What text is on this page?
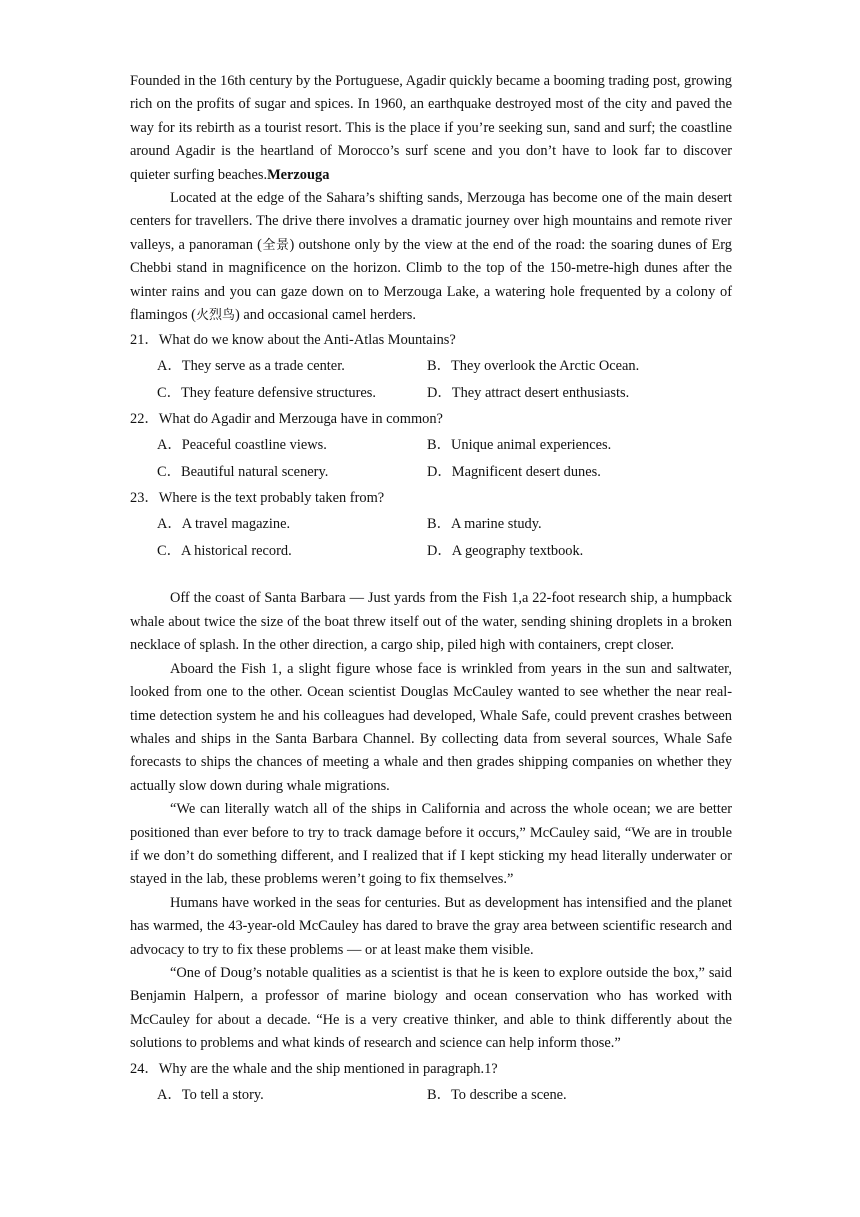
Founded in the 16th century by the Portuguese, Agadir quickly became a booming trading post, growing rich on the profits of sugar and spices. In 1960, an earthquake destroyed most of the city and paved the way for its rebirth as a tourist resort. This is the place if you’re seeking sun, sand and surf; the coastline around Agadir is the heartland of Morocco’s surf scene and you don’t have to look far to discover quieter surfing beaches.Merzouga

Located at the edge of the Sahara’s shifting sands, Merzouga has become one of the main desert centers for travellers. The drive there involves a dramatic journey over high mountains and remote river valleys, a panoraman (全景) outshone only by the view at the end of the road: the soaring dunes of Erg Chebbi stand in magnificence on the horizon. Climb to the top of the 150-metre-high dunes after the winter rains and you can gaze down on to Merzouga Lake, a watering hole frequented by a colony of flamingos (火烈鸟) and occasional camel herders.

21． What do we know about the Anti-Atlas Mountains?
A．They serve as a trade center.	B．They overlook the Arctic Ocean.
C．They feature defensive structures.	D．They attract desert enthusiasts.
22． What do Agadir and Merzouga have in common?
A．Peaceful coastline views.	B．Unique animal experiences.
C．Beautiful natural scenery.	D．Magnificent desert dunes.
23． Where is the text probably taken from?
A．A travel magazine.	B．A marine study.
C．A historical record.	D．A geography textbook.

Off the coast of Santa Barbara — Just yards from the Fish 1,a 22-foot research ship, a humpback whale about twice the size of the boat threw itself out of the water, sending shining droplets in a broken necklace of splash. In the other direction, a cargo ship, piled high with containers, crept closer.

Aboard the Fish 1, a slight figure whose face is wrinkled from years in the sun and saltwater, looked from one to the other. Ocean scientist Douglas McCauley wanted to see whether the near real-time detection system he and his colleagues had developed, Whale Safe, could prevent crashes between whales and ships in the Santa Barbara Channel. By collecting data from several sources, Whale Safe forecasts to ships the chances of meeting a whale and then grades shipping companies on whether they actually slow down during whale migrations.

“We can literally watch all of the ships in California and across the whole ocean; we are better positioned than ever before to try to track damage before it occurs,” McCauley said, “We are in trouble if we don’t do something different, and I realized that if I kept sticking my head literally underwater or stayed in the lab, these problems weren’t going to fix themselves.”

Humans have worked in the seas for centuries. But as development has intensified and the planet has warmed, the 43-year-old McCauley has dared to brave the gray area between scientific research and advocacy to try to fix these problems — or at least make them visible.

“One of Doug’s notable qualities as a scientist is that he is keen to explore outside the box,” said Benjamin Halpern, a professor of marine biology and ocean conservation who has worked with McCauley for about a decade. “He is a very creative thinker, and able to think differently about the solutions to problems and what kinds of research and science can help inform those.”

24． Why are the whale and the ship mentioned in paragraph.1?
A．To tell a story.	B．To describe a scene.
